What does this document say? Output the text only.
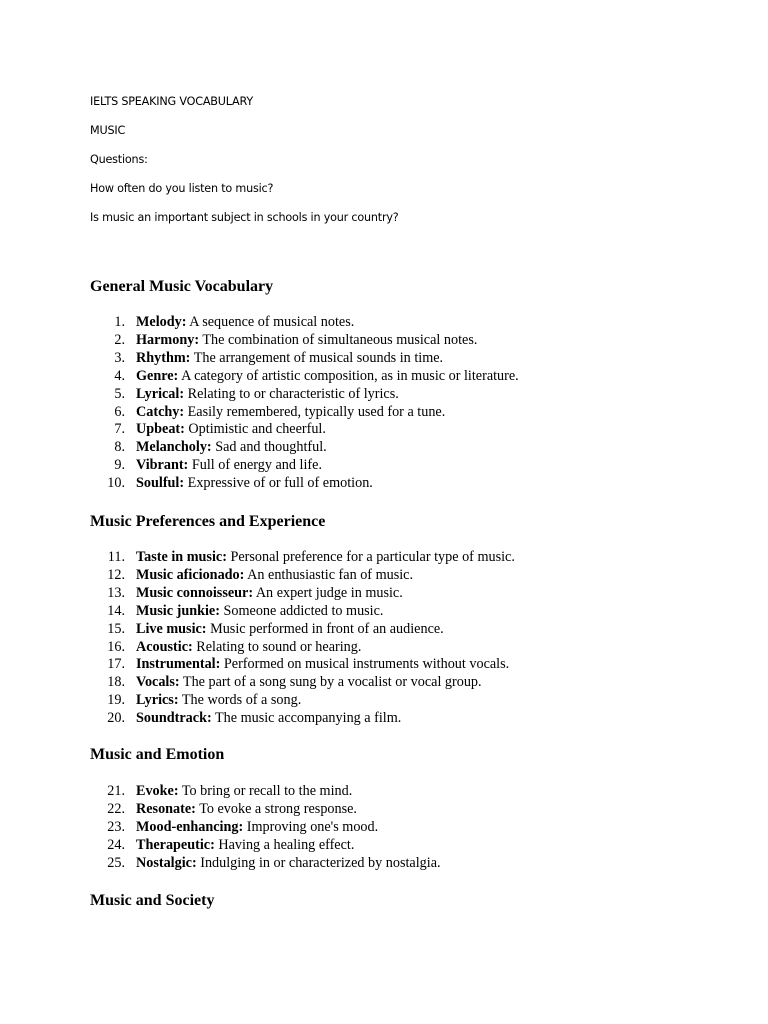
IELTS SPEAKING VOCABULARY

MUSIC

Questions:

How often do you listen to music?

Is music an important subject in schools in your country?

General Music Vocabulary
1. Melody: A sequence of musical notes.
2. Harmony: The combination of simultaneous musical notes.
3. Rhythm: The arrangement of musical sounds in time.
4. Genre: A category of artistic composition, as in music or literature.
5. Lyrical: Relating to or characteristic of lyrics.
6. Catchy: Easily remembered, typically used for a tune.
7. Upbeat: Optimistic and cheerful.
8. Melancholy: Sad and thoughtful.
9. Vibrant: Full of energy and life.
10. Soulful: Expressive of or full of emotion.
Music Preferences and Experience
11. Taste in music: Personal preference for a particular type of music.
12. Music aficionado: An enthusiastic fan of music.
13. Music connoisseur: An expert judge in music.
14. Music junkie: Someone addicted to music.
15. Live music: Music performed in front of an audience.
16. Acoustic: Relating to sound or hearing.
17. Instrumental: Performed on musical instruments without vocals.
18. Vocals: The part of a song sung by a vocalist or vocal group.
19. Lyrics: The words of a song.
20. Soundtrack: The music accompanying a film.
Music and Emotion
21. Evoke: To bring or recall to the mind.
22. Resonate: To evoke a strong response.
23. Mood-enhancing: Improving one's mood.
24. Therapeutic: Having a healing effect.
25. Nostalgic: Indulging in or characterized by nostalgia.
Music and Society
